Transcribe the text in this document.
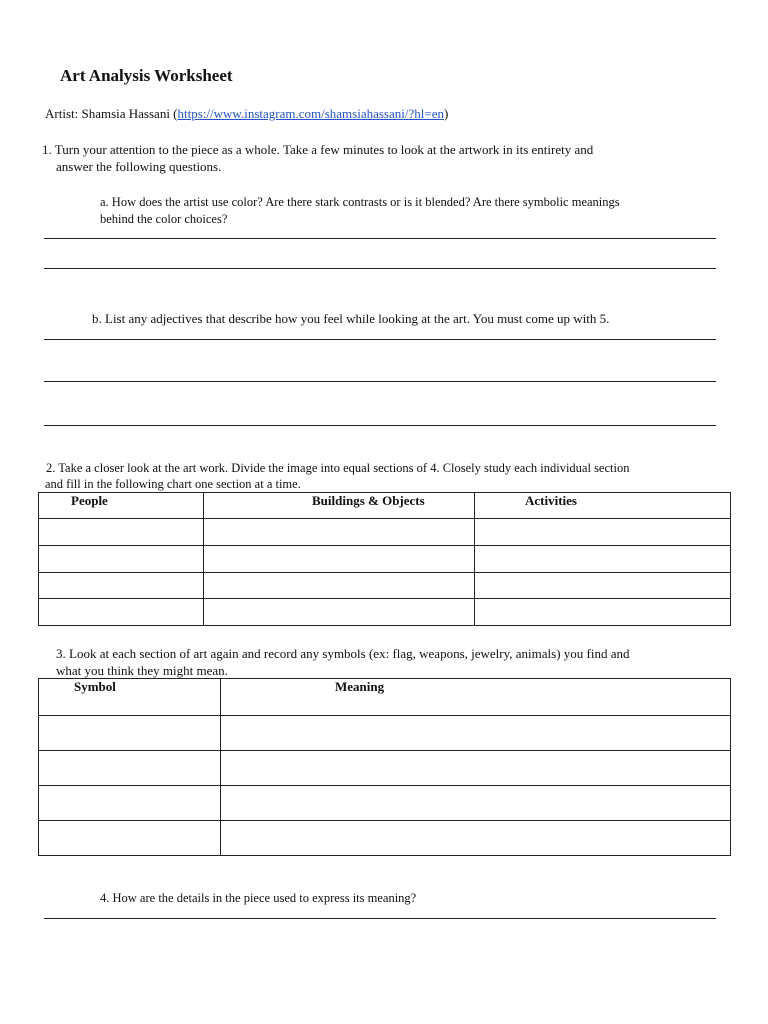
Art Analysis Worksheet
Artist: Shamsia Hassani (https://www.instagram.com/shamsiahassani/?hl=en)
1. Turn your attention to the piece as a whole. Take a few minutes to look at the artwork in its entirety and
answer the following questions.
a. How does the artist use color? Are there stark contrasts or is it blended? Are there symbolic meanings
behind the color choices?
b. List any adjectives that describe how you feel while looking at the art. You must come up with 5.
2. Take a closer look at the art work. Divide the image into equal sections of 4. Closely study each individual section
and fill in the following chart one section at a time.
People	Buildings & Objects	Activities

3. Look at each section of art again and record any symbols (ex: flag, weapons, jewelry, animals) you find and
what you think they might mean.
Symbol	Meaning

4. How are the details in the piece used to express its meaning?
